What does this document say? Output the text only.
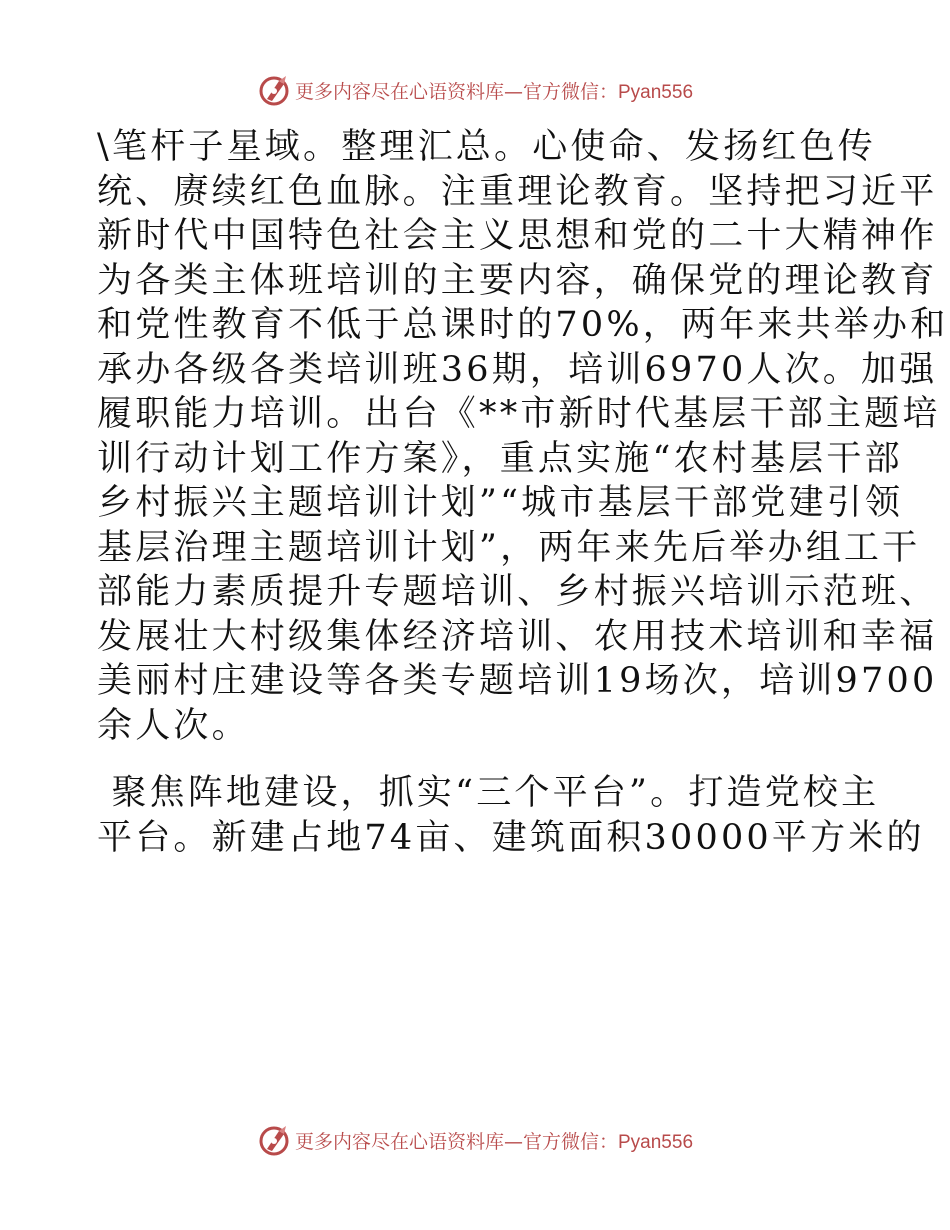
更多内容尽在心语资料库—官方微信：Pyan556

\笔杆子星域。整理汇总。心使命、发扬红色传
统、赓续红色血脉。注重理论教育。坚持把习近平
新时代中国特色社会主义思想和党的二十大精神作
为各类主体班培训的主要内容，确保党的理论教育
和党性教育不低于总课时的70%，两年来共举办和
承办各级各类培训班36期，培训6970人次。加强
履职能力培训。出台《**市新时代基层干部主题培
训行动计划工作方案》，重点实施“农村基层干部
乡村振兴主题培训计划”“城市基层干部党建引领
基层治理主题培训计划”，两年来先后举办组工干
部能力素质提升专题培训、乡村振兴培训示范班、
发展壮大村级集体经济培训、农用技术培训和幸福
美丽村庄建设等各类专题培训19场次，培训9700
余人次。

聚焦阵地建设，抓实“三个平台”。打造党校主
平台。新建占地74亩、建筑面积30000平方米的

更多内容尽在心语资料库—官方微信：Pyan556
